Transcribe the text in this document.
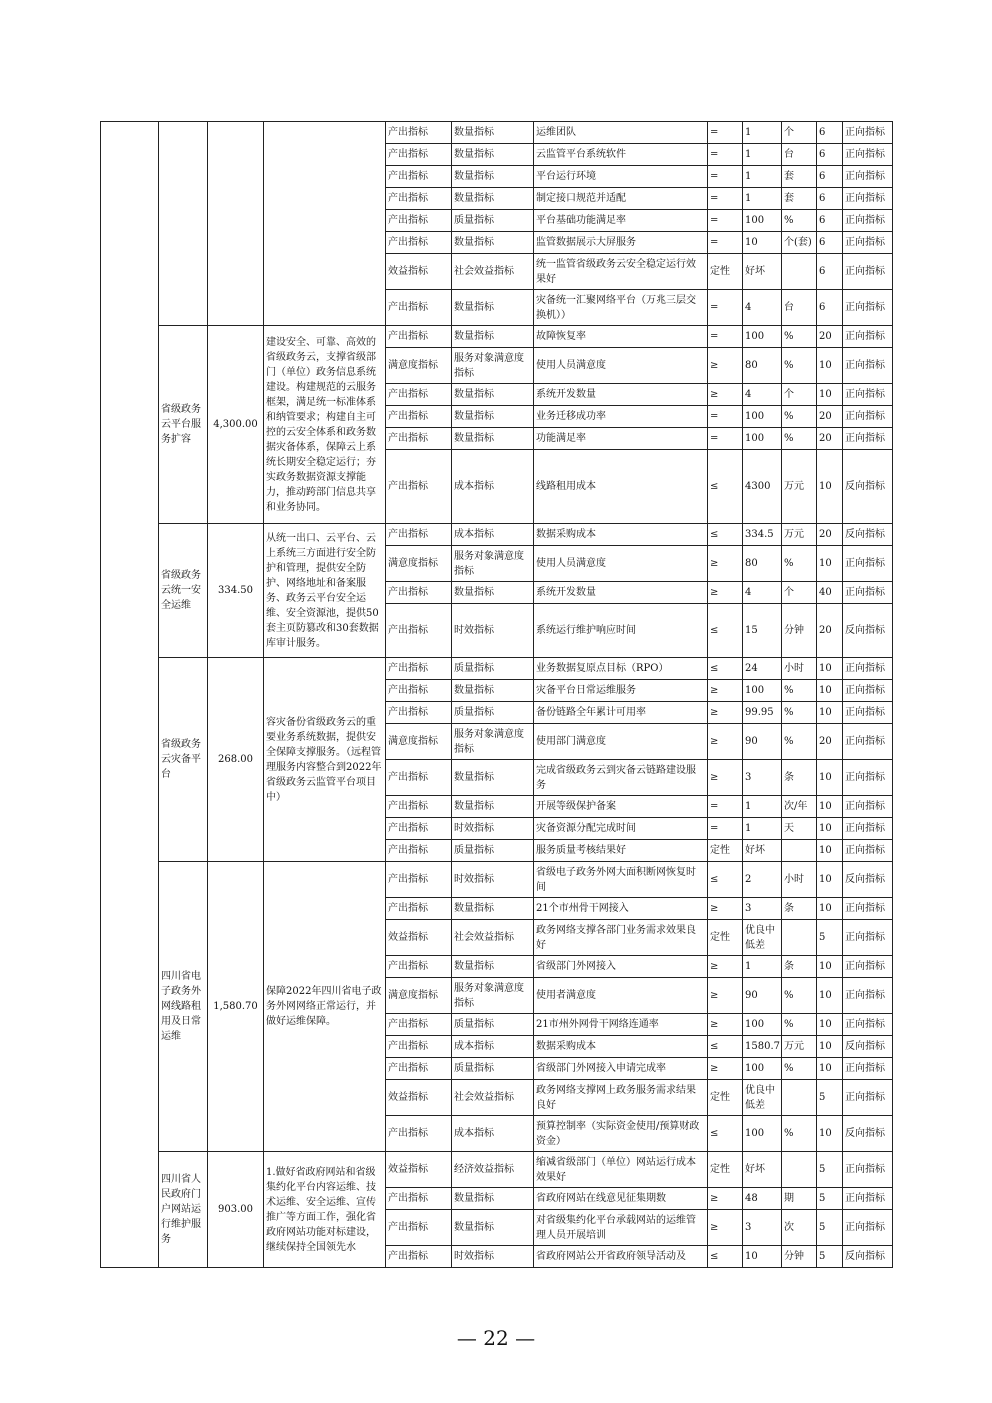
				产出指标	数量指标	运维团队	=	1	个	6	正向指标
				产出指标	数量指标	云监管平台系统软件	=	1	台	6	正向指标
				产出指标	数量指标	平台运行环境	=	1	套	6	正向指标
				产出指标	数量指标	制定接口规范并适配	=	1	套	6	正向指标
				产出指标	质量指标	平台基础功能满足率	=	100	%	6	正向指标
				产出指标	数量指标	监管数据展示大屏服务	=	10	个(套)	6	正向指标
				效益指标	社会效益指标	统一监管省级政务云安全稳定运行效果好	定性	好坏		6	正向指标
				产出指标	数量指标	灾备统一汇聚网络平台（万兆三层交换机））	=	4	台	6	正向指标
	省级政务云平台服务扩容	4,300.00	建设安全、可靠、高效的省级政务云，支撑省级部门（单位）政务信息系统建设。构建规范的云服务框架，满足统一标准体系和纳管要求；构建自主可控的云安全体系和政务数据灾备体系，保障云上系统长期安全稳定运行；夯实政务数据资源支撑能力，推动跨部门信息共享和业务协同。	产出指标	数量指标	故障恢复率	=	100	%	20	正向指标
				满意度指标	服务对象满意度指标	使用人员满意度	≥	80	%	10	正向指标
				产出指标	数量指标	系统开发数量	≥	4	个	10	正向指标
				产出指标	数量指标	业务迁移成功率	=	100	%	20	正向指标
				产出指标	数量指标	功能满足率	=	100	%	20	正向指标
				产出指标	成本指标	线路租用成本	≤	4300	万元	10	反向指标
	省级政务云统一安全运维	334.50	从统一出口、云平台、云上系统三方面进行安全防护和管理，提供安全防护、网络地址和备案服务、政务云平台安全运维、安全资源池，提供50套主页防篡改和30套数据库审计服务。	产出指标	成本指标	数据采购成本	≤	334.5	万元	20	反向指标
				满意度指标	服务对象满意度指标	使用人员满意度	≥	80	%	10	正向指标
				产出指标	数量指标	系统开发数量	≥	4	个	40	正向指标
				产出指标	时效指标	系统运行维护响应时间	≤	15	分钟	20	反向指标
	省级政务云灾备平台	268.00	容灾备份省级政务云的重要业务系统数据，提供安全保障支撑服务。（远程管理服务内容整合到2022年省级政务云监管平台项目中）	产出指标	质量指标	业务数据复原点目标（RPO）	≤	24	小时	10	正向指标
				产出指标	数量指标	灾备平台日常运维服务	≥	100	%	10	正向指标
				产出指标	质量指标	备份链路全年累计可用率	≥	99.95	%	10	正向指标
				满意度指标	服务对象满意度指标	使用部门满意度	≥	90	%	20	正向指标
				产出指标	数量指标	完成省级政务云到灾备云链路建设服务	≥	3	条	10	正向指标
				产出指标	数量指标	开展等级保护备案	=	1	次/年	10	正向指标
				产出指标	时效指标	灾备资源分配完成时间	=	1	天	10	正向指标
				产出指标	质量指标	服务质量考核结果好	定性	好坏		10	正向指标
	四川省电子政务外网线路租用及日常运维	1,580.70	保障2022年四川省电子政务外网网络正常运行，并做好运维保障。	产出指标	时效指标	省级电子政务外网大面积断网恢复时间	≤	2	小时	10	反向指标
				产出指标	数量指标	21个市州骨干网接入	≥	3	条	10	正向指标
				效益指标	社会效益指标	政务网络支撑各部门业务需求效果良好	定性	优良中低差		5	正向指标
				产出指标	数量指标	省级部门外网接入	≥	1	条	10	正向指标
				满意度指标	服务对象满意度指标	使用者满意度	≥	90	%	10	正向指标
				产出指标	质量指标	21市州外网骨干网络连通率	≥	100	%	10	正向指标
				产出指标	成本指标	数据采购成本	≤	1580.7	万元	10	反向指标
				产出指标	质量指标	省级部门外网接入申请完成率	≥	100	%	10	正向指标
				效益指标	社会效益指标	政务网络支撑网上政务服务需求结果良好	定性	优良中低差		5	正向指标
				产出指标	成本指标	预算控制率（实际资金使用/预算财政资金）	≤	100	%	10	反向指标
	四川省人民政府门户网站运行维护服务	903.00	1.做好省政府网站和省级集约化平台内容运维、技术运维、安全运维、宣传推广等方面工作，强化省政府网站功能对标建设，继续保持全国领先水	效益指标	经济效益指标	缩减省级部门（单位）网站运行成本效果好	定性	好坏		5	正向指标
				产出指标	数量指标	省政府网站在线意见征集期数	≥	48	期	5	正向指标
				产出指标	数量指标	对省级集约化平台承载网站的运维管理人员开展培训	≥	3	次	5	正向指标
				产出指标	时效指标	省政府网站公开省政府领导活动及	≤	10	分钟	5	反向指标
— 22 —
